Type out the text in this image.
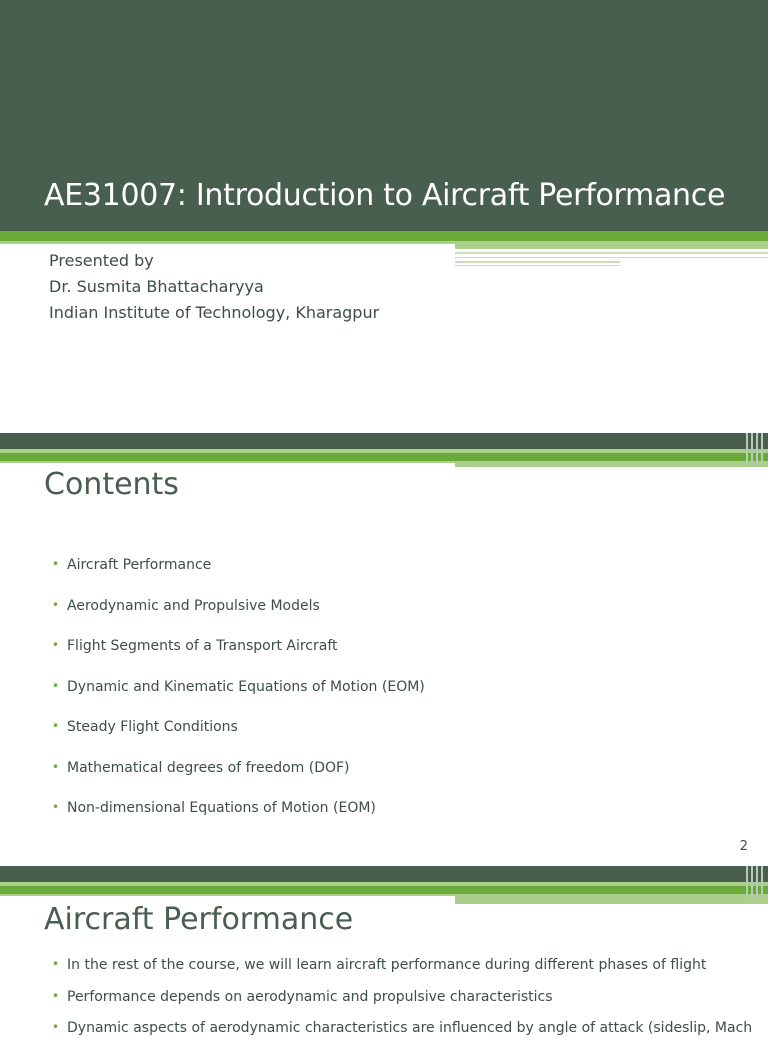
AE31007: Introduction to Aircraft Performance
Presented by
Dr. Susmita Bhattacharyya
Indian Institute of Technology, Kharagpur
Contents
• Aircraft Performance
• Aerodynamic and Propulsive Models
• Flight Segments of a Transport Aircraft
• Dynamic and Kinematic Equations of Motion (EOM)
• Steady Flight Conditions
• Mathematical degrees of freedom (DOF)
• Non-dimensional Equations of Motion (EOM)
2
Aircraft Performance
• In the rest of the course, we will learn aircraft performance during different phases of flight
• Performance depends on aerodynamic and propulsive characteristics
• Dynamic aspects of aerodynamic characteristics are influenced by angle of attack (sideslip, Mach
